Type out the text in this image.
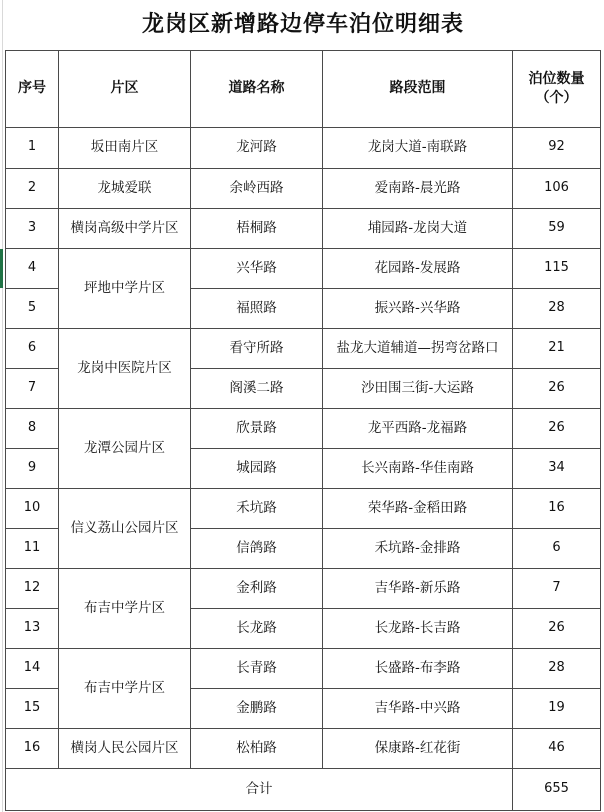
龙岗区新增路边停车泊位明细表				
序号	片区	道路名称	路段范围	泊位数量
（个）

1	坂田南片区	龙河路	龙岗大道-南联路	92
2	龙城爱联	余岭西路	爱南路-晨光路	106
3	横岗高级中学片区	梧桐路	埔园路-龙岗大道	59
4	坪地中学片区	兴华路	花园路-发展路	115
5		福照路	振兴路-兴华路	28
6	龙岗中医院片区	看守所路	盐龙大道辅道—拐弯岔路口	21
7		阁溪二路	沙田围三街-大运路	26
8	龙潭公园片区	欣景路	龙平西路-龙福路	26
9		城园路	长兴南路-华佳南路	34
10	信义荔山公园片区	禾坑路	荣华路-金稻田路	16
11		信鸽路	禾坑路-金排路	6
12	布吉中学片区	金利路	吉华路-新乐路	7
13		长龙路	长龙路-长吉路	26
14	布吉中学片区	长青路	长盛路-布李路	28
15		金鹏路	吉华路-中兴路	19
16	横岗人民公园片区	松柏路	保康路-红花街	46
合计				655
